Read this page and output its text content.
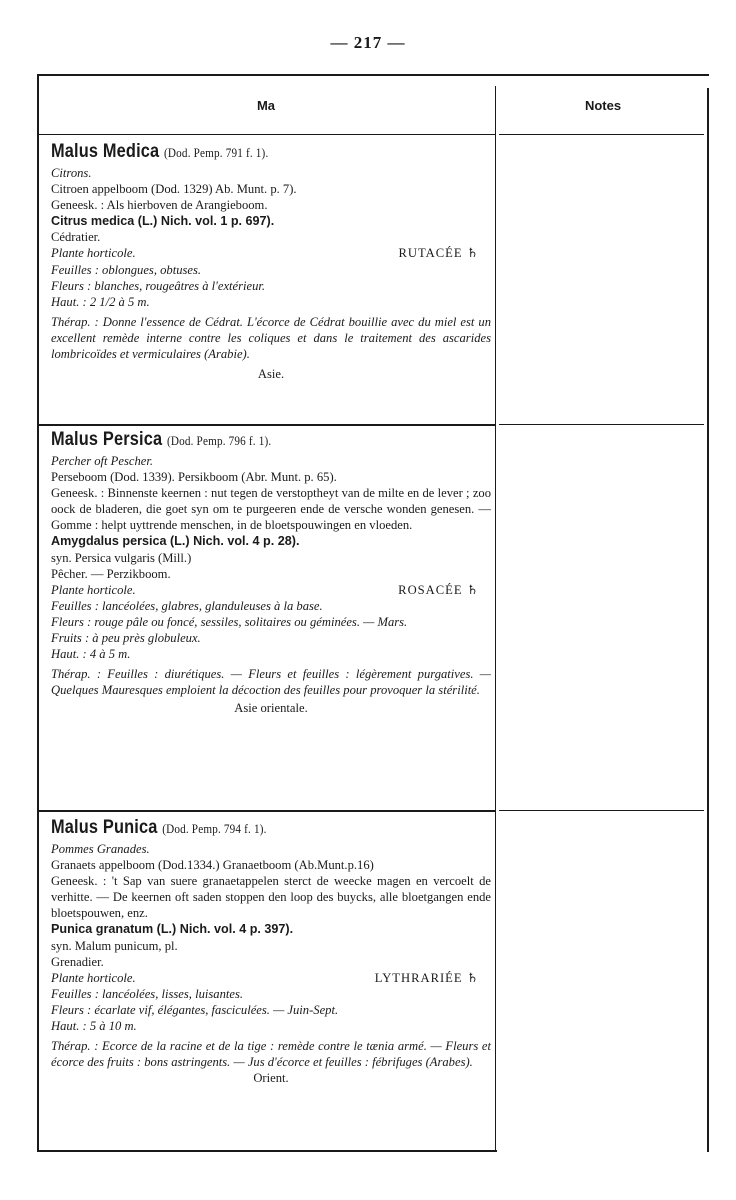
— 217 —
Ma	Notes

Malus Medica (Dod. Pemp. 791 f. 1).

Citrons.

Citroen appelboom (Dod. 1329) Ab. Munt. p. 7).

Geneesk. : Als hierboven de Arangieboom.

Citrus medica (L.) Nich. vol. 1 p. 697).

Cédratier.

Plante horticole.	RUTACÉE ♄

Feuilles : oblongues, obtuses.

Fleurs : blanches, rougeâtres à l'extérieur.

Haut. : 2 1/2 à 5 m.

Thérap. : Donne l'essence de Cédrat. L'écorce de Cédrat bouillie avec du miel est un excellent remède interne contre les coliques et dans le traitement des ascarides lombricoïdes et vermiculaires (Arabie).

Asie.

Malus Persica (Dod. Pemp. 796 f. 1).

Percher oft Pescher.

Perseboom (Dod. 1339). Persikboom (Abr. Munt. p. 65).

Geneesk. : Binnenste keernen : nut tegen de verstoptheyt van de milte en de lever ; zoo oock de bladeren, die goet syn om te purgeeren ende de versche wonden genesen. — Gomme : helpt uyttrende menschen, in de bloetspouwingen en vloeden.

Amygdalus persica (L.) Nich. vol. 4 p. 28).

syn. Persica vulgaris (Mill.)

Pêcher. — Perzikboom.

Plante horticole.	ROSACÉE ♄

Feuilles : lancéolées, glabres, glanduleuses à la base.

Fleurs : rouge pâle ou foncé, sessiles, solitaires ou géminées. — Mars.

Fruits : à peu près globuleux.

Haut. : 4 à 5 m.

Thérap. : Feuilles : diurétiques. — Fleurs et feuilles : légèrement purgatives. — Quelques Mauresques emploient la décoction des feuilles pour provoquer la stérilité.

Asie orientale.

Malus Punica (Dod. Pemp. 794 f. 1).

Pommes Granades.

Granaets appelboom (Dod.1334.) Granaetboom (Ab.Munt.p.16)

Geneesk. : 't Sap van suere granaetappelen sterct de weecke magen en vercoelt de verhitte. — De keernen oft saden stoppen den loop des buycks, alle bloetgangen ende bloetspouwen, enz.

Punica granatum (L.) Nich. vol. 4 p. 397).

syn. Malum punicum, pl.

Grenadier.

Plante horticole.	LYTHRARIÉE ♄

Feuilles : lancéolées, lisses, luisantes.

Fleurs : écarlate vif, élégantes, fasciculées. — Juin-Sept.

Haut. : 5 à 10 m.

Thérap. : Ecorce de la racine et de la tige : remède contre le tænia armé. — Fleurs et écorce des fruits : bons astringents. — Jus d'écorce et feuilles : fébrifuges (Arabes).

Orient.
